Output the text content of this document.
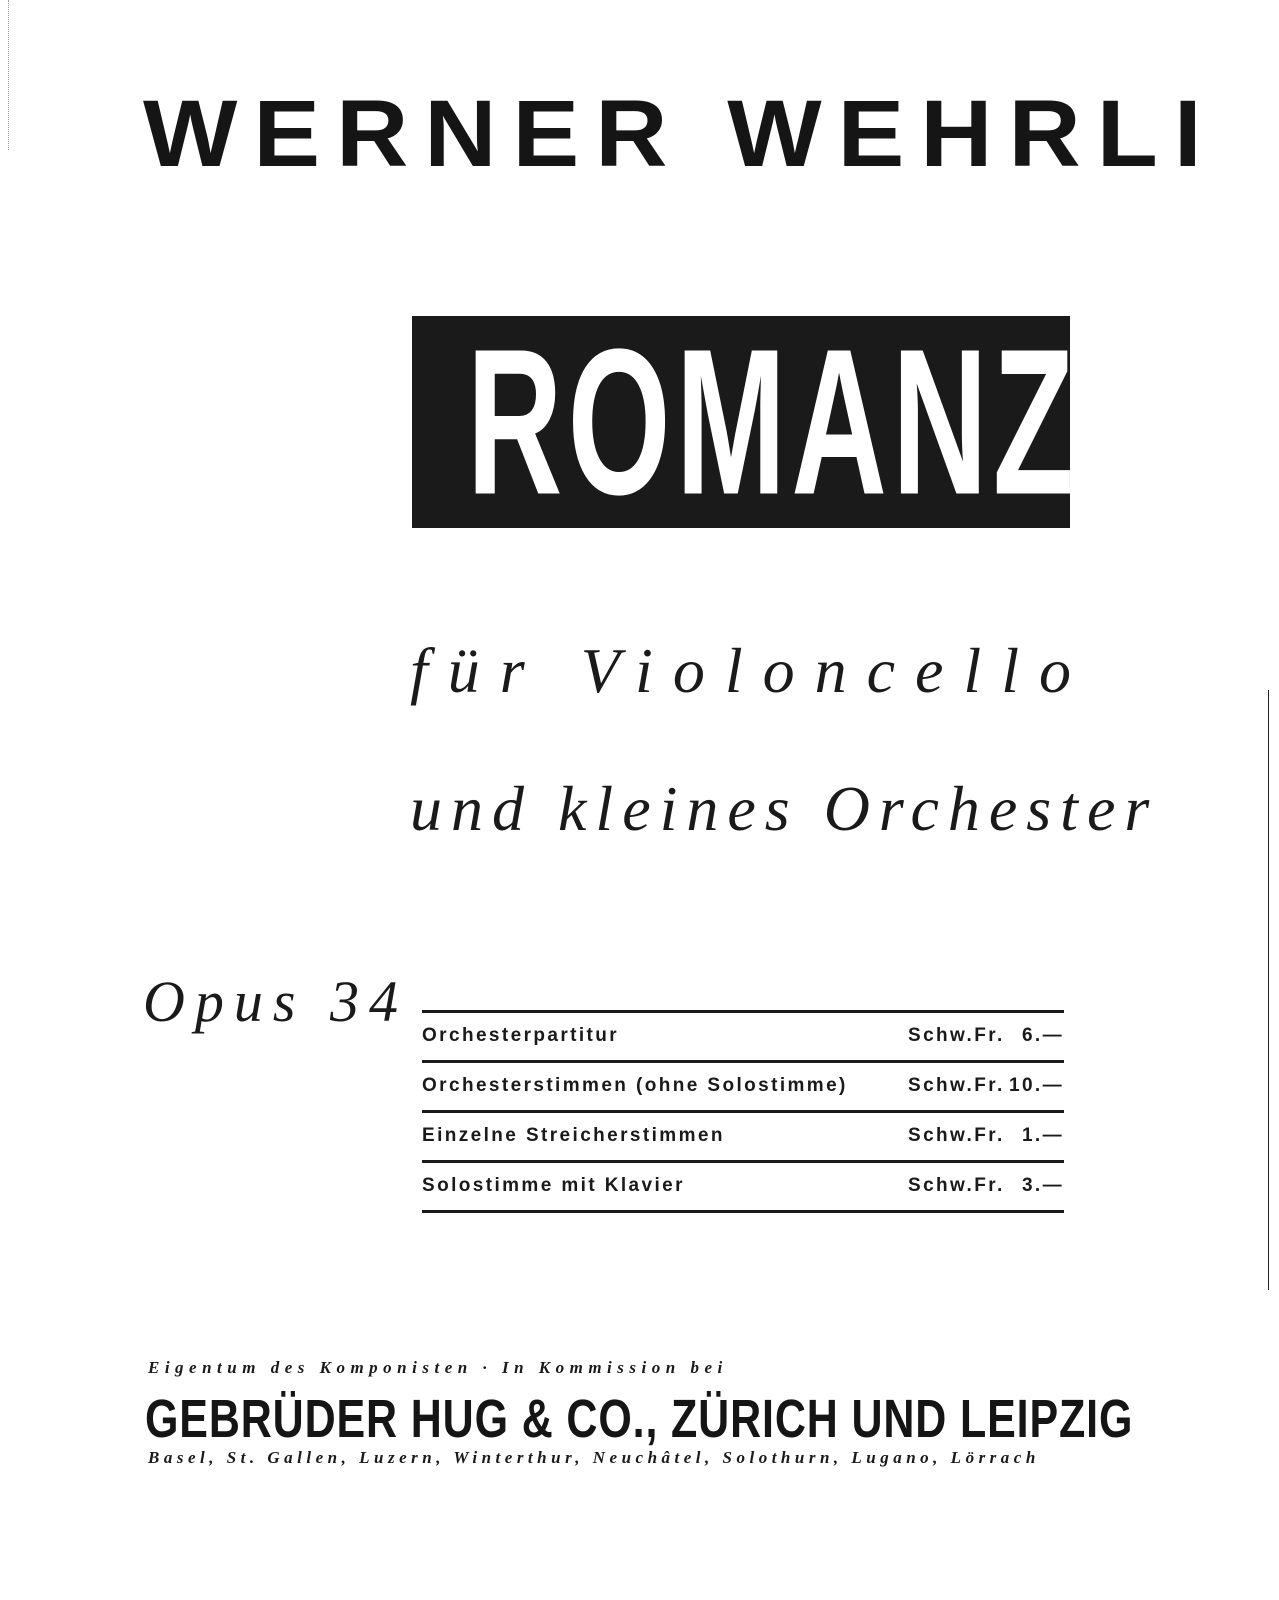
WERNER WEHRLI
ROMANZE
für Violoncello
und kleines Orchester
Opus 34
Orchesterpartitur	Schw.Fr. 6.—
Orchesterstimmen (ohne Solostimme)	Schw.Fr. 10.—
Einzelne Streicherstimmen	Schw.Fr. 1.—
Solostimme mit Klavier	Schw.Fr. 3.—
Eigentum des Komponisten · In Kommission bei
GEBRÜDER HUG & CO., ZÜRICH UND LEIPZIG
Basel, St. Gallen, Luzern, Winterthur, Neuchâtel, Solothurn, Lugano, Lörrach
